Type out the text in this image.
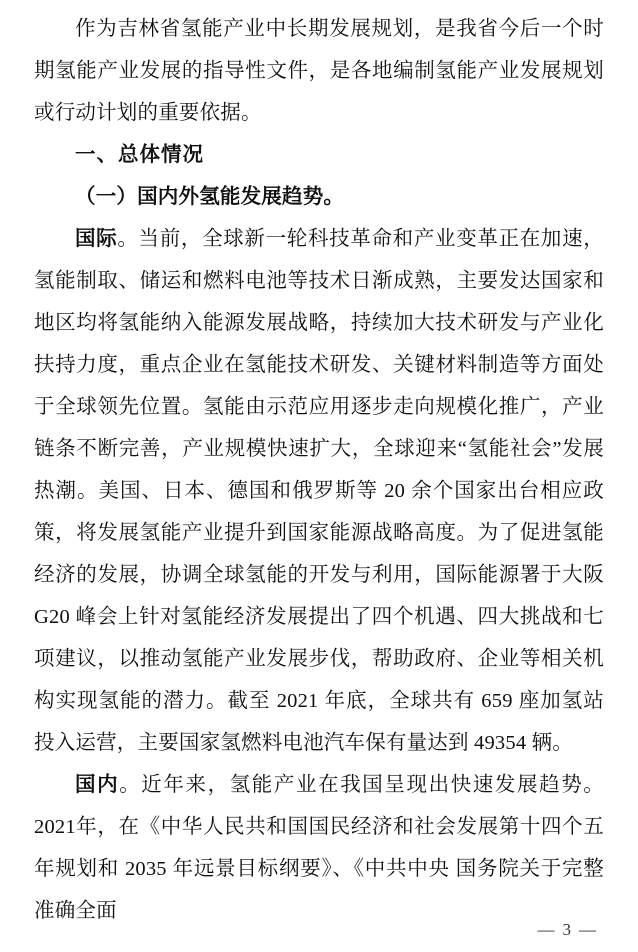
作为吉林省氢能产业中长期发展规划，是我省今后一个时期氢能产业发展的指导性文件，是各地编制氢能产业发展规划或行动计划的重要依据。

一、总体情况

（一）国内外氢能发展趋势。

国际。当前，全球新一轮科技革命和产业变革正在加速，氢能制取、储运和燃料电池等技术日渐成熟，主要发达国家和地区均将氢能纳入能源发展战略，持续加大技术研发与产业化扶持力度，重点企业在氢能技术研发、关键材料制造等方面处于全球领先位置。氢能由示范应用逐步走向规模化推广，产业链条不断完善，产业规模快速扩大，全球迎来“氢能社会”发展热潮。美国、日本、德国和俄罗斯等 20 余个国家出台相应政策，将发展氢能产业提升到国家能源战略高度。为了促进氢能经济的发展，协调全球氢能的开发与利用，国际能源署于大阪 G20 峰会上针对氢能经济发展提出了四个机遇、四大挑战和七项建议，以推动氢能产业发展步伐，帮助政府、企业等相关机构实现氢能的潜力。截至 2021 年底，全球共有 659 座加氢站投入运营，主要国家氢燃料电池汽车保有量达到 49354 辆。

国内。近年来，氢能产业在我国呈现出快速发展趋势。2021年，在《中华人民共和国国民经济和社会发展第十四个五年规划和 2035 年远景目标纲要》、《中共中央 国务院关于完整准确全面

— 3 —
